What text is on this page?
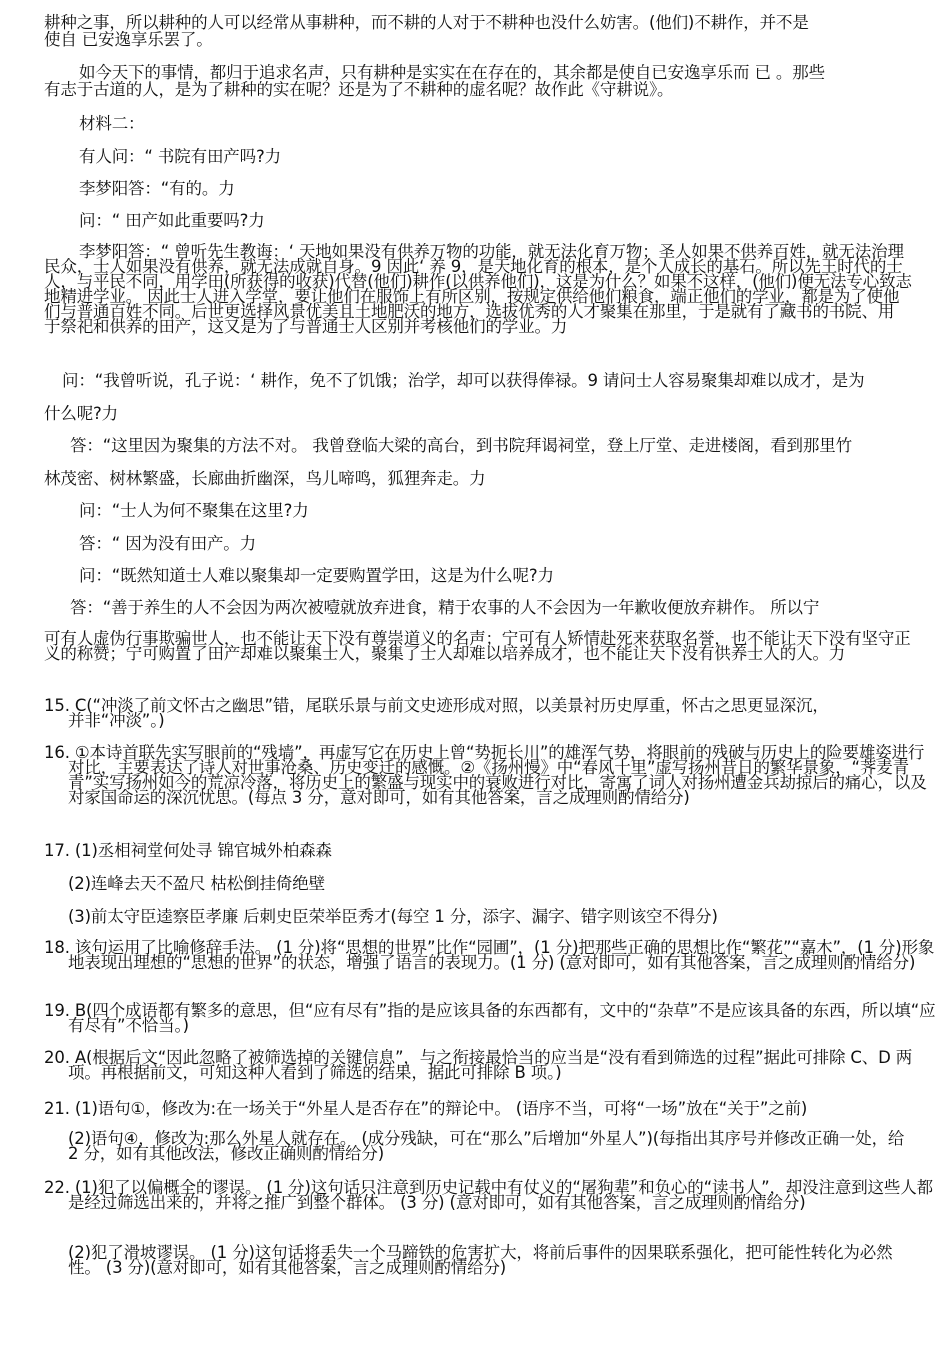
耕种之事，所以耕种的人可以经常从事耕种，而不耕的人对于不耕种也没什么妨害。(他们)不耕作，并不是
使自 已安逸享乐罢了。
如今天下的事情，都归于追求名声，只有耕种是实实在在存在的，其余都是使自已安逸享乐而 已 。那些
有志于古道的人，是为了耕种的实在呢？还是为了不耕种的虚名呢？故作此《守耕说》。
材料二：
有人问：“ 书院有田产吗?力
李梦阳答：“有的。力
问：“ 田产如此重要吗?力
李梦阳答：“ 曾听先生教诲：‘ 天地如果没有供养万物的功能，就无法化育万物；圣人如果不供养百姓，就无法治理民众，士人如果没有供养，就无法成就自身。9 因此‘ 养 9，是天地化育的根本，是个人成长的基石。所以先王时代的士人，与平民不同，用学田(所获得的收获)代替(他们)耕作(以供养他们)，这是为什么？如果不这样，(他们)便无法专心致志地精进学业。 因此士人进入学堂，要让他们在服饰上有所区别，按规定供给他们粮食，端正他们的学业，都是为了使他们与普通百姓不同。后世更选择风景优美且土地肥沃的地方，选拔优秀的人才聚集在那里，于是就有了藏书的书院、用 于祭祀和供养的田产，这又是为了与普通士人区别并考核他们的学业。力
问：“我曾听说，孔子说：‘ 耕作，免不了饥饿；治学，却可以获得俸禄。9 请问士人容易聚集却难以成才，是为
什么呢?力
答：“这里因为聚集的方法不对。 我曾登临大梁的高台，到书院拜谒祠堂，登上厅堂、走进楼阁，看到那里竹
林茂密、树林繁盛，长廊曲折幽深，鸟儿啼鸣，狐狸奔走。力
问：“士人为何不聚集在这里?力
答：“ 因为没有田产。力
问：“既然知道士人难以聚集却一定要购置学田，这是为什么呢?力
答：“善于养生的人不会因为两次被噎就放弃进食，精于农事的人不会因为一年歉收便放弃耕作。 所以宁
可有人虚伪行事欺骗世人，也不能让天下没有尊崇道义的名声；宁可有人矫情赴死来获取名誉，也不能让天下没有坚守正义的称赞；宁可购置了田产却难以聚集士人，聚集了士人却难以培养成才，也不能让天下没有供养士人的人。力
15. C(“冲淡了前文怀古之幽思”错，尾联乐景与前文史迹形成对照，以美景衬历史厚重，怀古之思更显深沉，
并非“冲淡”。)
16. ①本诗首联先实写眼前的“残墙”，再虚写它在历史上曾“势扼长川”的雄浑气势，将眼前的残破与历史上的险要雄姿进行对比，主要表达了诗人对世事沧桑、历史变迁的感慨。②《扬州慢》中“春风十里”虚写扬州昔日的繁华景象，“荠麦青青”实写扬州如今的荒凉冷落，将历史上的繁盛与现实中的衰败进行对比，寄寓了词人对扬州遭金兵劫掠后的痛心，以及对家国命运的深沉忧思。(每点 3 分，意对即可，如有其他答案，言之成理则酌情给分)
17. (1)丞相祠堂何处寻 锦官城外柏森森
(2)连峰去天不盈尺 枯松倒挂倚绝壁
(3)前太守臣逵察臣孝廉 后刺史臣荣举臣秀才(每空 1 分，添字、漏字、错字则该空不得分)
18. 该句运用了比喻修辞手法。 (1 分)将“思想的世界”比作“园圃”，(1 分)把那些正确的思想比作“繁花”“嘉木”，(1 分)形象地表现出理想的“思想的世界”的状态，增强了语言的表现力。(1 分) (意对即可，如有其他答案，言之成理则酌情给分)
19. B(四个成语都有繁多的意思，但“应有尽有”指的是应该具备的东西都有，文中的“杂草”不是应该具备的东西，所以填“应有尽有”不恰当。)
20. A(根据后文“因此忽略了被筛选掉的关键信息”，与之衔接最恰当的应当是“没有看到筛选的过程”据此可排除 C、D 两项。再根据前文，可知这种人看到了筛选的结果，据此可排除 B 项。)
21. (1)语句①，修改为:在一场关于“外星人是否存在”的辩论中。 (语序不当，可将“一场”放在“关于”之前)
(2)语句④，修改为:那么外星人就存在。 (成分残缺，可在“那么”后增加“外星人”)(每指出其序号并修改正确一处，给 2 分，如有其他改法，修改正确则酌情给分)
22. (1)犯了以偏概全的谬误。 (1 分)这句话只注意到历史记载中有仗义的“屠狗辈”和负心的“读书人”，却没注意到这些人都是经过筛选出来的，并将之推广到整个群体。 (3 分) (意对即可，如有其他答案，言之成理则酌情给分)
(2)犯了滑坡谬误。 (1 分)这句话将丢失一个马蹄铁的危害扩大，将前后事件的因果联系强化，把可能性转化为必然性。 (3 分)(意对即可，如有其他答案，言之成理则酌情给分)
